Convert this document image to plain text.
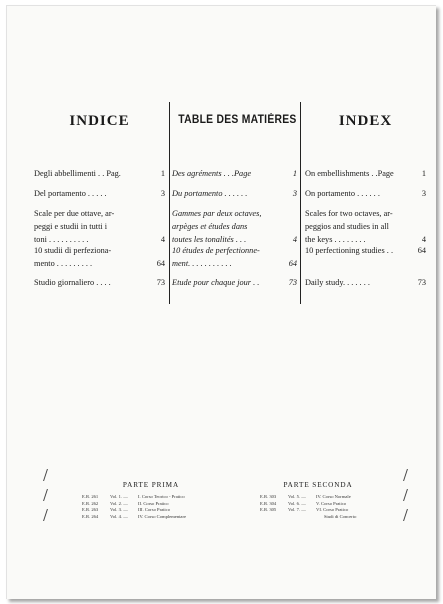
INDICE
Degli abbellimenti . . Pag.	1
Del portamento . . . . .	3
Scale per due ottave, ar-
peggi e studii in tutti i
toni . . . . . . . . . .	4
10 studii di perfeziona-
mento . . . . . . . . .	64
Studio giornaliero . . . .	73
TABLE DES MATIÈRES
Des agréments . . .Page	1
Du portamento . . . . . .	3
Gammes par deux octaves,
arpèges et études dans
toutes les tonalités . . .	4
10 études de perfectionne-
ment. . . . . . . . . . .	64
Etude pour chaque jour . .	73
INDEX
On embellishments . .Page	1
On portamento . . . . . .	3
Scales for two octaves, ar-
peggios and studies in all
the keys . . . . . . . .	4
10 perfectioning studies . .	64
Daily study. . . . . . .	73
PARTE PRIMA
E.R. 261	Vol. 1. —	I. Corso Teorico - Pratico
E.R. 262	Vol. 2. —	II. Corso Pratico
E.R. 263	Vol. 3. —	III. Corso Pratico
E.R. 264	Vol. 4. —	IV. Corso Complementare
PARTE SECONDA
E.R. 303	Vol. 5. —	IV. Corso Normale
E.R. 304	Vol. 6. —	V. Corso Pratico
E.R. 305	Vol. 7. —	VI. Corso Pratico
Studi di Concerto
